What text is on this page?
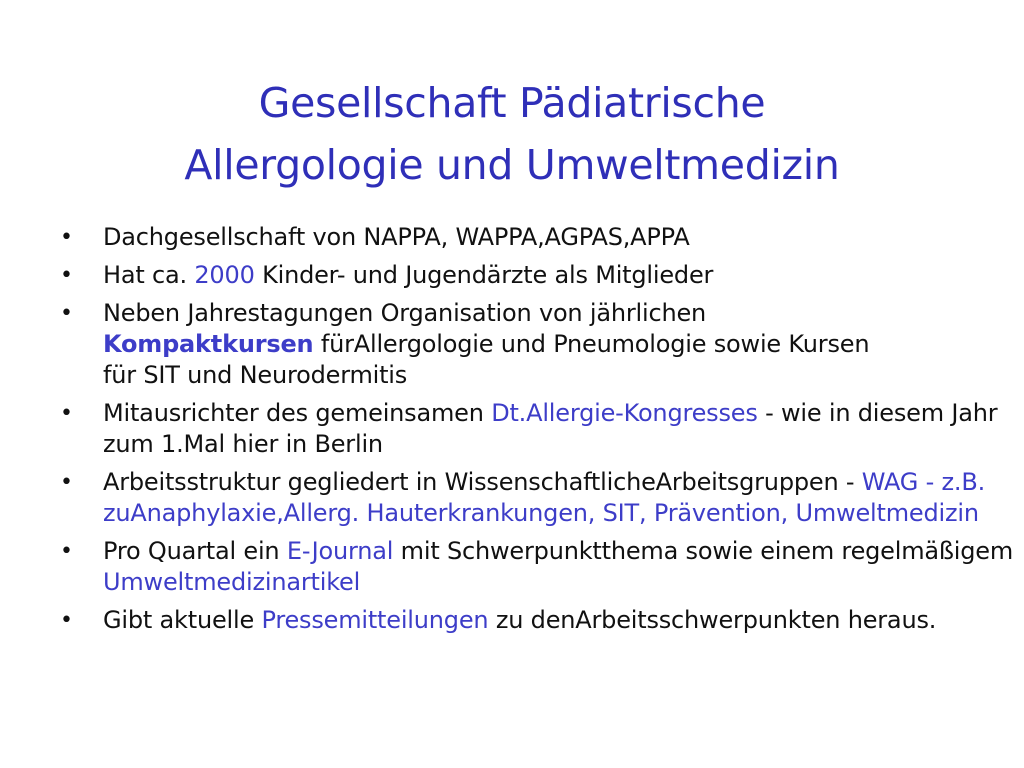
Gesellschaft Pädiatrische
Allergologie und Umweltmedizin
• Dachgesellschaft von NAPPA, WAPPA,AGPAS,APPA
• Hat ca. 2000 Kinder- und Jugendärzte als Mitglieder
• Neben Jahrestagungen Organisation von jährlichen
Kompaktkursen fürAllergologie und Pneumologie sowie Kursen
für SIT und Neurodermitis
• Mitausrichter des gemeinsamen Dt.Allergie-Kongresses - wie in diesem Jahr zum 1.Mal hier in Berlin
• Arbeitsstruktur gegliedert in WissenschaftlicheArbeitsgruppen - WAG - z.B. zuAnaphylaxie,Allerg. Hauterkrankungen, SIT, Prävention, Umweltmedizin
• Pro Quartal ein E-Journal mit Schwerpunktthema sowie einem regelmäßigem Umweltmedizinartikel
• Gibt aktuelle Pressemitteilungen zu denArbeitsschwerpunkten heraus.
